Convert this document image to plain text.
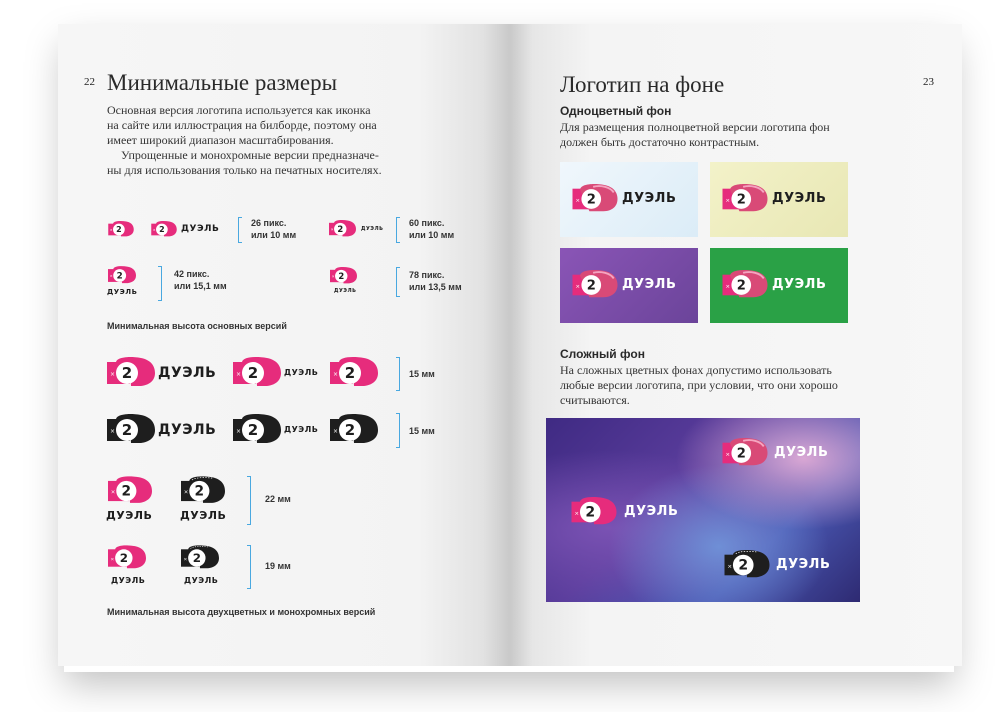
22 Минимальные размеры
Основная версия логотипа используется как иконка
на сайте или иллюстрация на билборде, поэтому она
имеет широкий диапазон масштабирования.
Упрощенные и монохромные версии предназначе-
ны для использования только на печатных носителях.
ДУЭЛЬ
26 пикс.
или 10 мм
ДУЭЛЬ
60 пикс.
или 10 мм
ДУЭЛЬ
42 пикс.
или 15,1 мм	ДУЭЛЬ
78 пикс.
или 13,5 мм
Минимальная высота основных версий
ДУЭЛЬ	ДУЭЛЬ	15 мм
ДУЭЛЬ	ДУЭЛЬ	15 мм
ДУЭЛЬ	ДУЭЛЬ
22 мм
ДУЭЛЬ	ДУЭЛЬ
19 мм
Минимальная высота двухцветных и монохромных версий
Логотип на фоне	23
Одноцветный фон
Для размещения полноцветной версии логотипа фон
должен быть достаточно контрастным.
ДУЭЛЬ	ДУЭЛЬ
ДУЭЛЬ	ДУЭЛЬ
Сложный фон
На сложных цветных фонах допустимо использовать
любые версии логотипа, при условии, что они хорошо
считываются.
ДУЭЛЬ
ДУЭЛЬ
ДУЭЛЬ
